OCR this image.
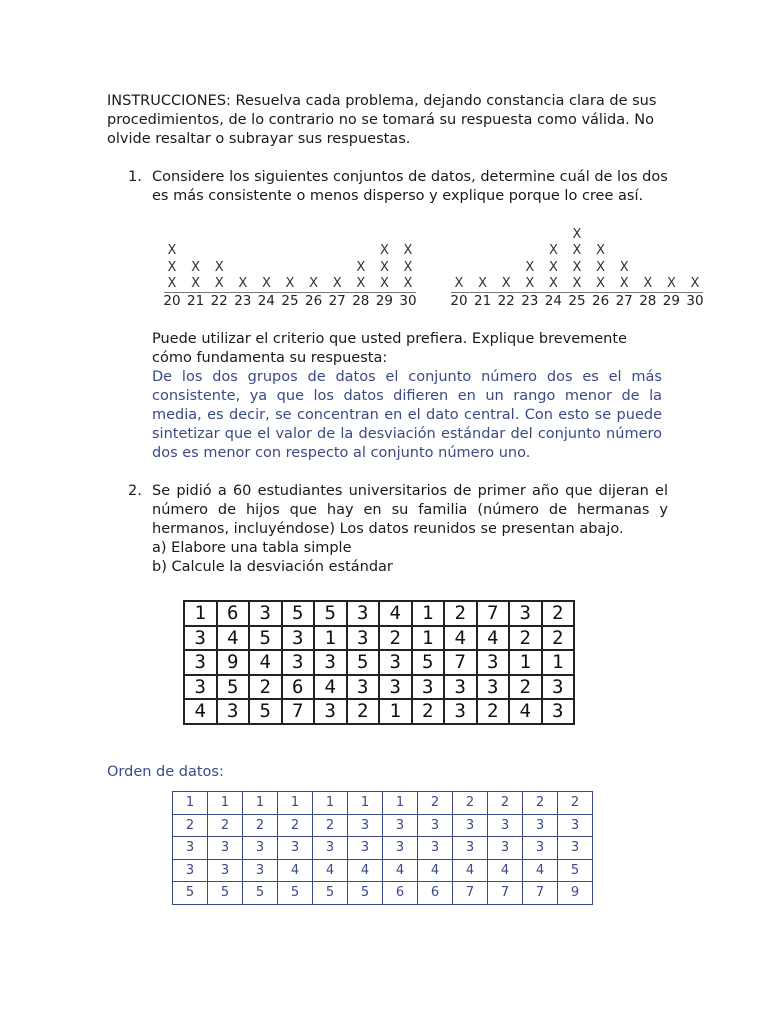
INSTRUCCIONES: Resuelva cada problema, dejando constancia clara de sus procedimientos, de lo contrario no se tomará su respuesta como válida. No olvide resaltar o subrayar sus respuestas.
1. Considere los siguientes conjuntos de datos, determine cuál de los dos es más consistente o menos disperso y explique porque lo cree así.
X
X
X
20
X
X
21
X
X
22
X
23
X
24
X
25
X
26
X
27
X
X
28
X
X
X
29
X
X
X
30
X
20
X
21
X
22
X
X
23
X
X
X
24
X
X
X
X
25
X
X
X
26
X
X
27
X
28
X
29
X
30
Puede utilizar el criterio que usted prefiera. Explique brevemente cómo fundamenta su respuesta:
De los dos grupos de datos el conjunto número dos es el más consistente, ya que los datos difieren en un rango menor de la media, es decir, se concentran en el dato central. Con esto se puede sintetizar que el valor de la desviación estándar del conjunto número dos es menor con respecto al conjunto número uno.
2. Se pidió a 60 estudiantes universitarios de primer año que dijeran el número de hijos que hay en su familia (número de hermanas y hermanos, incluyéndose) Los datos reunidos se presentan abajo.
a) Elabore una tabla simple
b) Calcule la desviación estándar
1	6	3	5	5	3	4	1	2	7	3	2
3	4	5	3	1	3	2	1	4	4	2	2
3	9	4	3	3	5	3	5	7	3	1	1
3	5	2	6	4	3	3	3	3	3	2	3
4	3	5	7	3	2	1	2	3	2	4	3
Orden de datos:
1	1	1	1	1	1	1	2	2	2	2	2
2	2	2	2	2	3	3	3	3	3	3	3
3	3	3	3	3	3	3	3	3	3	3	3
3	3	3	4	4	4	4	4	4	4	4	5
5	5	5	5	5	5	6	6	7	7	7	9
